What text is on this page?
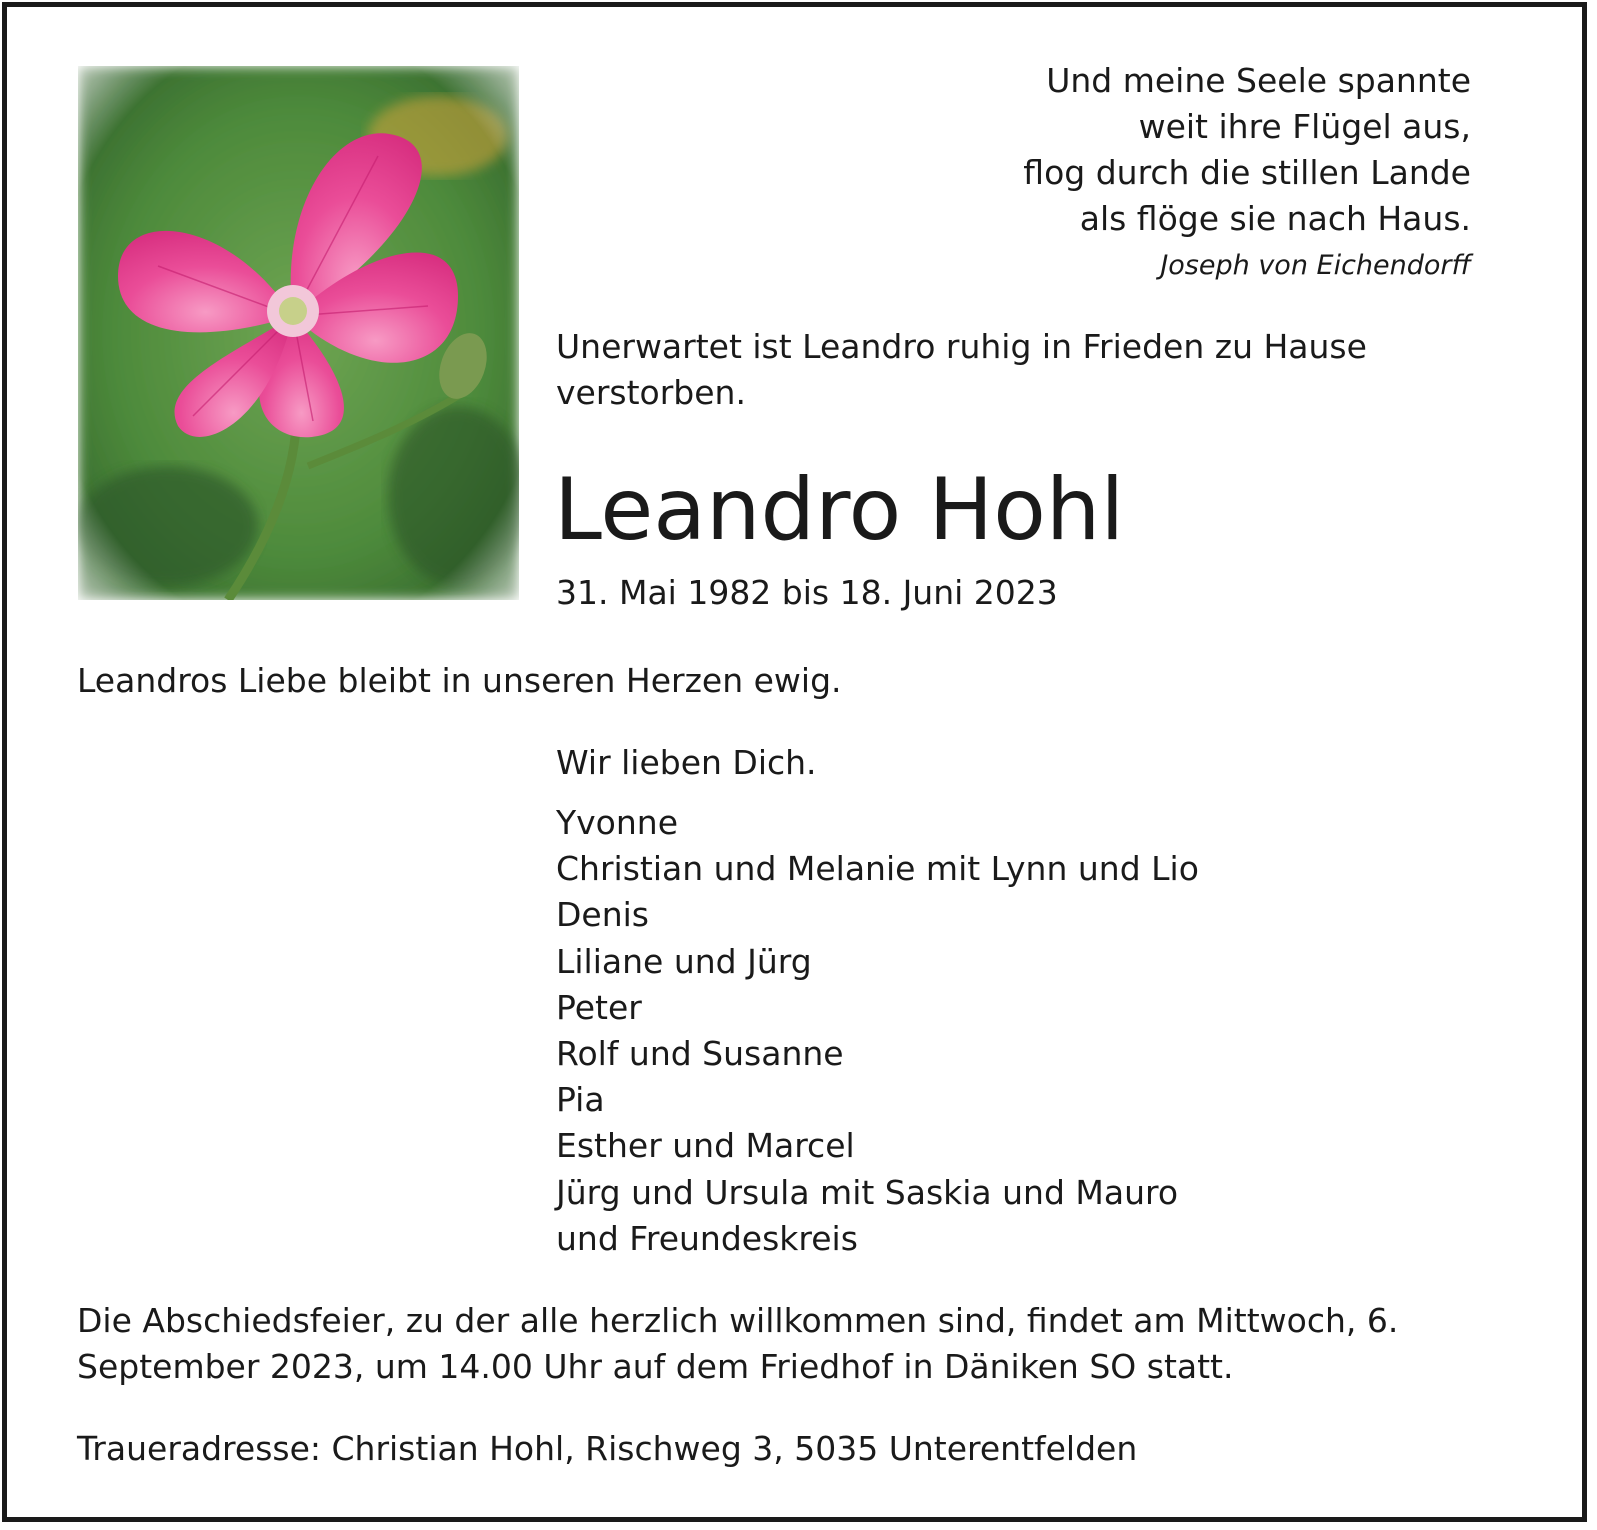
Und meine Seele spannte
weit ihre Flügel aus,
flog durch die stillen Lande
als flöge sie nach Haus.
Joseph von Eichendorff
Unerwartet ist Leandro ruhig in Frieden zu Hause verstorben.
Leandro Hohl
31. Mai 1982 bis 18. Juni 2023
Leandros Liebe bleibt in unseren Herzen ewig.
Wir lieben Dich.
Yvonne
Christian und Melanie mit Lynn und Lio
Denis
Liliane und Jürg
Peter
Rolf und Susanne
Pia
Esther und Marcel
Jürg und Ursula mit Saskia und Mauro
und Freundeskreis
Die Abschiedsfeier, zu der alle herzlich willkommen sind, findet am Mittwoch, 6. September 2023, um 14.00 Uhr auf dem Friedhof in Däniken SO statt.
Traueradresse: Christian Hohl, Rischweg 3, 5035 Unterentfelden
